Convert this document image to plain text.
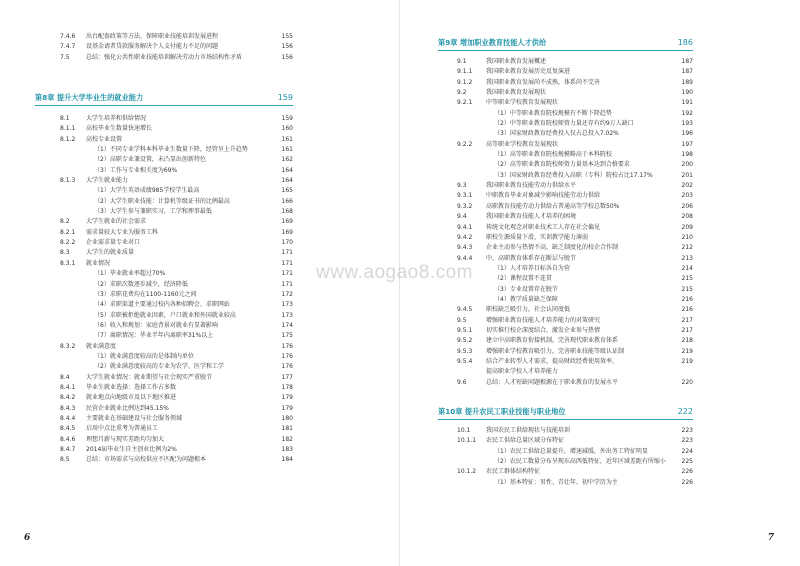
7.4.6	出台配套政策等方法，保障职业技能培训发展进程	155
7.4.7	设基金请者贷款服务解决个人支付能力不足的问题	156
7.5	总结：强化公共性职业技能培训解决劳动力市场结构性矛盾	156
第8章 提升大学毕业生的就业能力	159
8.1	大学生培养和供给情况	159
8.1.1	高校毕业生数量快速增长	160
8.1.2	高校专业设置	161
（1）不同专业学科本科毕业生数量下降，经管呈上升趋势	161
（2）高职专业兼设置，未凸显出创新特色	162
（3）工作与专业相关度为69%	164
8.1.3	大学生就业能力	164
（1）大学生英语成绩985学校学生最高	165
（2）大学生职业技能：计算机等级证书的比例最高	166
（3）大学生参与兼职实习，工学和理事最低	168
8.2	大学生就业的社会需求	169
8.2.1	需求量较大专业为服务工科	169
8.2.2	企业需求量专业对口	170
8.3	大学生的就业质量	171
8.3.1	就业情况	171
（1）毕业就业率超过70%	171
（2）求职次数逐步减少，经济降低	171
（3）求职花费均在1100-1160元之间	172
（4）求职渠道主要通过校内各种招聘会、求职网站	173
（5）求职被拒绝就业因素，户口就业和外国就业较高	173
（6）收入和规划：家庭背景对就业有显著影响	174
（7）离职情况：毕业半年内离职率31%以上	175
8.3.2	就业满意度	176
（1）就业满意度较高的是体制内单位	176
（2）就业满意度较高的专业为农学、医学和工学	176
8.4	大学生就业情况：就业期望与社会现实严重脱节	177
8.4.1	毕业生就业选择：选择工作占多数	178
8.4.2	就业地点向地级市及以下地区推进	179
8.4.3	民营企业就业比例达到45.15%	179
8.4.4	主要就业在基础建设与社会服务领域	180
8.4.5	启用中点比重考为普通员工	181
8.4.6	理想月薪与现实差距均匀加大	182
8.4.7	2014届毕业生自主创业比例为2%	183
8.5	总结：市场需求与高校供应不匹配为问题根本	184
6
第9章 增加职业教育技能人才供给	186
9.1	我国职业教育发展概述	187
9.1.1	我国职业教育发展历史反复演进	187
9.1.2	我国职业教育发展尚不成熟，体系尚不完善	189
9.2	我国职业教育发展现状	190
9.2.1	中等职业学校教育发展现状	191
（1）中等职业教育院校规模有不断下降趋势	192
（2）中等职业教育院校师资力量还存有约9万人缺口	193
（3）国家财政教育经费投入仅占总投入7.02%	196
9.2.2	高等职业学校教育发展现状	197
（1）高等职业教育院校规模略高于本科院校	198
（2）高等职业教育院校师资力量基本达到合格要求	200
（3）国家财政教育经费投入高职（专科）院校占比17.17%	201
9.3	我国职业教育技能劳动力供给水平	202
9.3.1	中职教育毕业对象减少影响技能劳动力供给	203
9.3.2	高职教育技能劳动力供给占普通高等学校总数50%	206
9.4	我国职业教育技能人才培养的困境	208
9.4.1	传统文化观念对职业技术工人存在社会偏见	209
9.4.2	职校生源质量下滑，实训教学能力薄弱	210
9.4.3	企业主动参与热情不高，缺乏制度化的校企合作制	212
9.4.4	中、高职教育体系存在断层与脱节	213
（1）人才培养目标各自为营	214
（2）课程设置不连贯	215
（3）专业设置存在脱节	215
（4）教学质量缺乏保障	216
9.4.5	职校缺乏吸引力，社会认同度低	216
9.5	增强职业教育技能人才培养能力的对策研究	217
9.5.1	切实推行校企深度结合，激发企业参与热情	217
9.5.2	建立中高职教育衔接机制，完善现代职业教育体系	218
9.5.3	增强职业学校教育吸引力，完善职业技能等级认证制	219
9.5.4	结合产业转型人才需求，提高财政经费使用效率，	219
提高职业学校人才培养能力
9.6	总结：人才短缺问题根源在于职业教育的发展水平	220
第10章 提升农民工职业技能与职业地位	222
10.1	我国农民工供给现状与技能培训	223
10.1.1	农民工供给总量区域分布特征	223
（1）农民工供给总量提升，增速减缓，外出务工特征明显	224
（2）农民工数量分布呈现东高西低特征，近年区域差距有所缩小	225
10.1.2	农民工群体结构特征	226
（1）基本特征：男性、青壮年、初中学历为主	226
7
www.aogao8.com
